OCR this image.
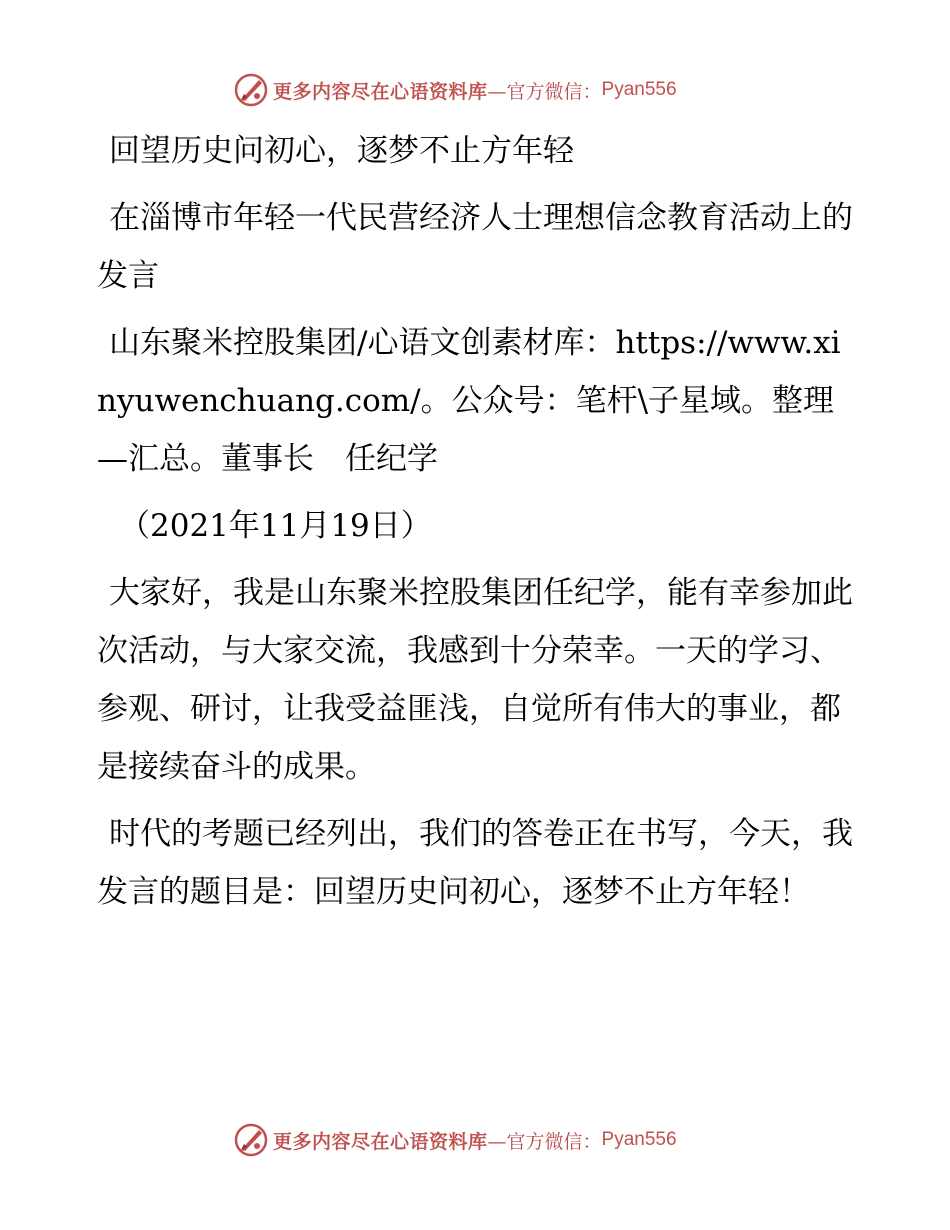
更多内容尽在心语资料库 —官方微信： Pyan556

回望历史问初心，逐梦不止方年轻

在淄博市年轻一代民营经济人士理想信念教育活动上的发言

山东聚米控股集团/心语文创素材库：https://www.xinyuwenchuang.com/。公众号：笔杆\子星域。整理—汇总。董事长　任纪学

（2021年11月19日）

大家好，我是山东聚米控股集团任纪学，能有幸参加此次活动，与大家交流，我感到十分荣幸。一天的学习、参观、研讨，让我受益匪浅，自觉所有伟大的事业，都是接续奋斗的成果。

时代的考题已经列出，我们的答卷正在书写，今天，我发言的题目是：回望历史问初心，逐梦不止方年轻！

更多内容尽在心语资料库 —官方微信： Pyan556
